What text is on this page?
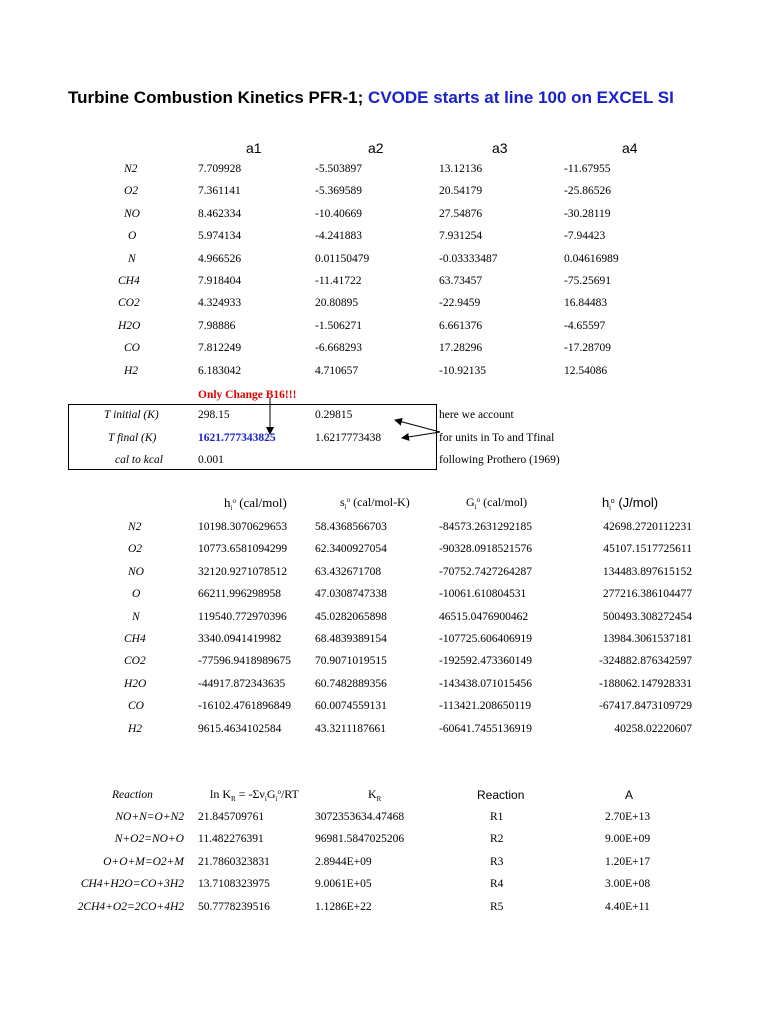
Turbine Combustion Kinetics PFR-1; CVODE starts at line 100 on EXCEL SI
a1	a2	a3	a4
N2	7.709928	-5.503897	13.12136	-11.67955
O2	7.361141	-5.369589	20.54179	-25.86526
NO	8.462334	-10.40669	27.54876	-30.28119
O	5.974134	-4.241883	7.931254	-7.94423
N	4.966526	0.01150479	-0.03333487	0.04616989
CH4	7.918404	-11.41722	63.73457	-75.25691
CO2	4.324933	20.80895	-22.9459	16.84483
H2O	7.98886	-1.506271	6.661376	-4.65597
CO	7.812249	-6.668293	17.28296	-17.28709
H2	6.183042	4.710657	-10.92135	12.54086
Only Change B16!!!
T initial (K)	298.15	0.29815	here we account
T final (K)	1621.777343825	1.6217773438	for units in To and Tfinal
cal to kcal	0.001	following Prothero (1969)
$h_i^o$ (cal/mol)	$s_i^o$ (cal/mol-K)	$G_i^o$ (cal/mol)	$h_i^o$ (J/mol)
N2	10198.3070629653 58.4368566703	-84573.2631292185	42698.2720112231
O2	10773.6581094299 62.3400927054	-90328.0918521576	45107.1517725611
NO	32120.9271078512 63.432671708	-70752.7427264287	134483.897615152
O	66211.996298958	47.0308747338	-10061.610804531	277216.386104477
N	119540.772970396 45.0282065898	46515.0476900462	500493.308272454
CH4	3340.0941419982	68.4839389154	-107725.606406919	13984.3061537181
CO2	-77596.9418989675 70.9071019515	-192592.473360149	-324882.876342597
H2O	-44917.872343635	60.7482889356	-143438.071015456	-188062.147928331
CO	-16102.4761896849 60.0074559131	-113421.208650119	-67417.8473109729
H2	9615.4634102584	43.3211187661	-60641.7455136919	40258.02220607
Reaction	$\ln K_R = -\Sigma\nu_iG_i^o/RT$	$K_R$	Reaction	A
NO+N=O+N2 21.845709761	3072353634.47468	R1	2.70E+13
N+O2=NO+O 11.482276391	96981.5847025206	R2	9.00E+09
O+O+M=O2+M 21.7860323831	2.8944E+09	R3	1.20E+17
CH4+H2O=CO+3H2 13.7108323975	9.0061E+05	R4	3.00E+08
2CH4+O2=2CO+4H2 50.7778239516	1.1286E+22	R5	4.40E+11
